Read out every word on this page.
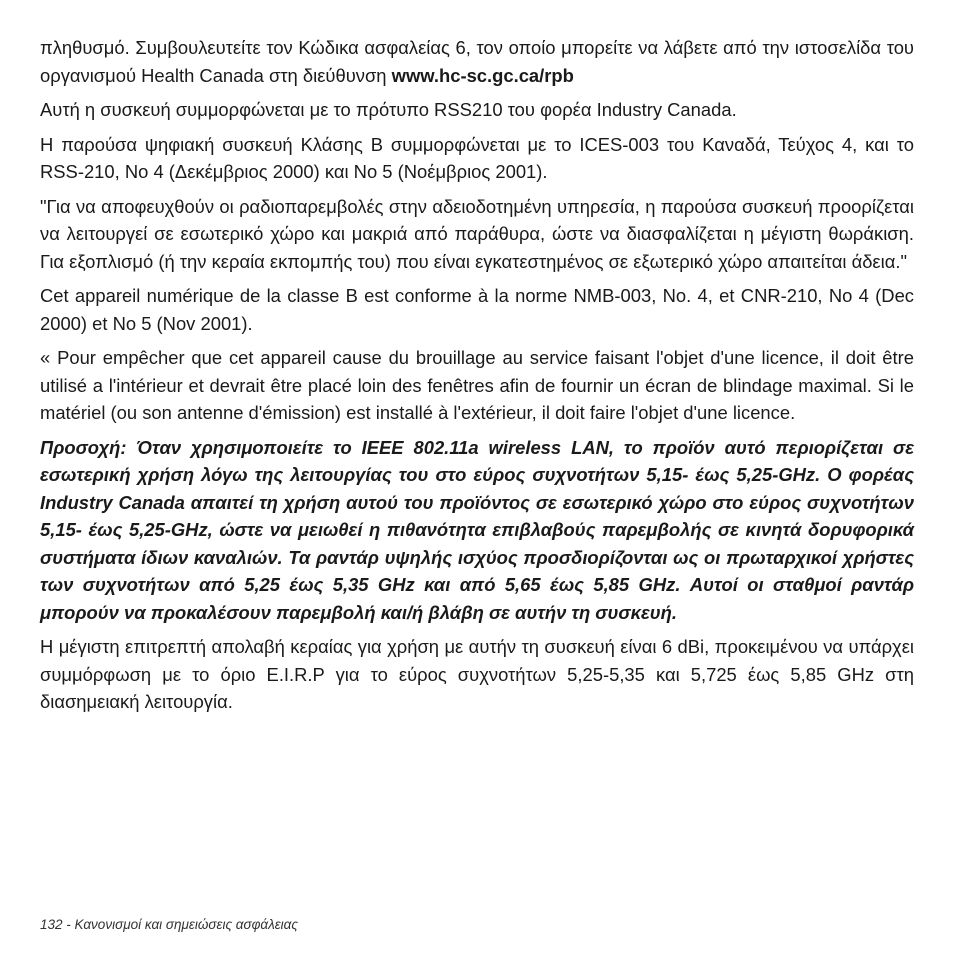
πληθυσμό. Συμβουλευτείτε τον Κώδικα ασφαλείας 6, τον οποίο μπορείτε να λάβετε από την ιστοσελίδα του οργανισμού Health Canada στη διεύθυνση www.hc-sc.gc.ca/rpb

Αυτή η συσκευή συμμορφώνεται με το πρότυπο RSS210 του φορέα Industry Canada.

Η παρούσα ψηφιακή συσκευή Κλάσης B συμμορφώνεται με το ICES-003 του Καναδά, Τεύχος 4, και το RSS-210, No 4 (Δεκέμβριος 2000) και No 5 (Νοέμβριος 2001).

"Για να αποφευχθούν οι ραδιοπαρεμβολές στην αδειοδοτημένη υπηρεσία, η παρούσα συσκευή προορίζεται να λειτουργεί σε εσωτερικό χώρο και μακριά από παράθυρα, ώστε να διασφαλίζεται η μέγιστη θωράκιση. Για εξοπλισμό (ή την κεραία εκπομπής του) που είναι εγκατεστημένος σε εξωτερικό χώρο απαιτείται άδεια."

Cet appareil numérique de la classe B est conforme à la norme NMB-003, No. 4, et CNR-210, No 4 (Dec 2000) et No 5 (Nov 2001).

« Pour empêcher que cet appareil cause du brouillage au service faisant l'objet d'une licence, il doit être utilisé a l'intérieur et devrait être placé loin des fenêtres afin de fournir un écran de blindage maximal. Si le matériel (ou son antenne d'émission) est installé à l'extérieur, il doit faire l'objet d'une licence.

Προσοχή: Όταν χρησιμοποιείτε το IEEE 802.11a wireless LAN, το προϊόν αυτό περιορίζεται σε εσωτερική χρήση λόγω της λειτουργίας του στο εύρος συχνοτήτων 5,15- έως 5,25-GHz. Ο φορέας Industry Canada απαιτεί τη χρήση αυτού του προϊόντος σε εσωτερικό χώρο στο εύρος συχνοτήτων 5,15- έως 5,25-GHz, ώστε να μειωθεί η πιθανότητα επιβλαβούς παρεμβολής σε κινητά δορυφορικά συστήματα ίδιων καναλιών. Τα ραντάρ υψηλής ισχύος προσδιορίζονται ως οι πρωταρχικοί χρήστες των συχνοτήτων από 5,25 έως 5,35 GHz και από 5,65 έως 5,85 GHz. Αυτοί οι σταθμοί ραντάρ μπορούν να προκαλέσουν παρεμβολή και/ή βλάβη σε αυτήν τη συσκευή.

Η μέγιστη επιτρεπτή απολαβή κεραίας για χρήση με αυτήν τη συσκευή είναι 6 dBi, προκειμένου να υπάρχει συμμόρφωση με το όριο E.I.R.P για το εύρος συχνοτήτων 5,25-5,35 και 5,725 έως 5,85 GHz στη διασημειακή λειτουργία.

132 - Κανονισμοί και σημειώσεις ασφάλειας
